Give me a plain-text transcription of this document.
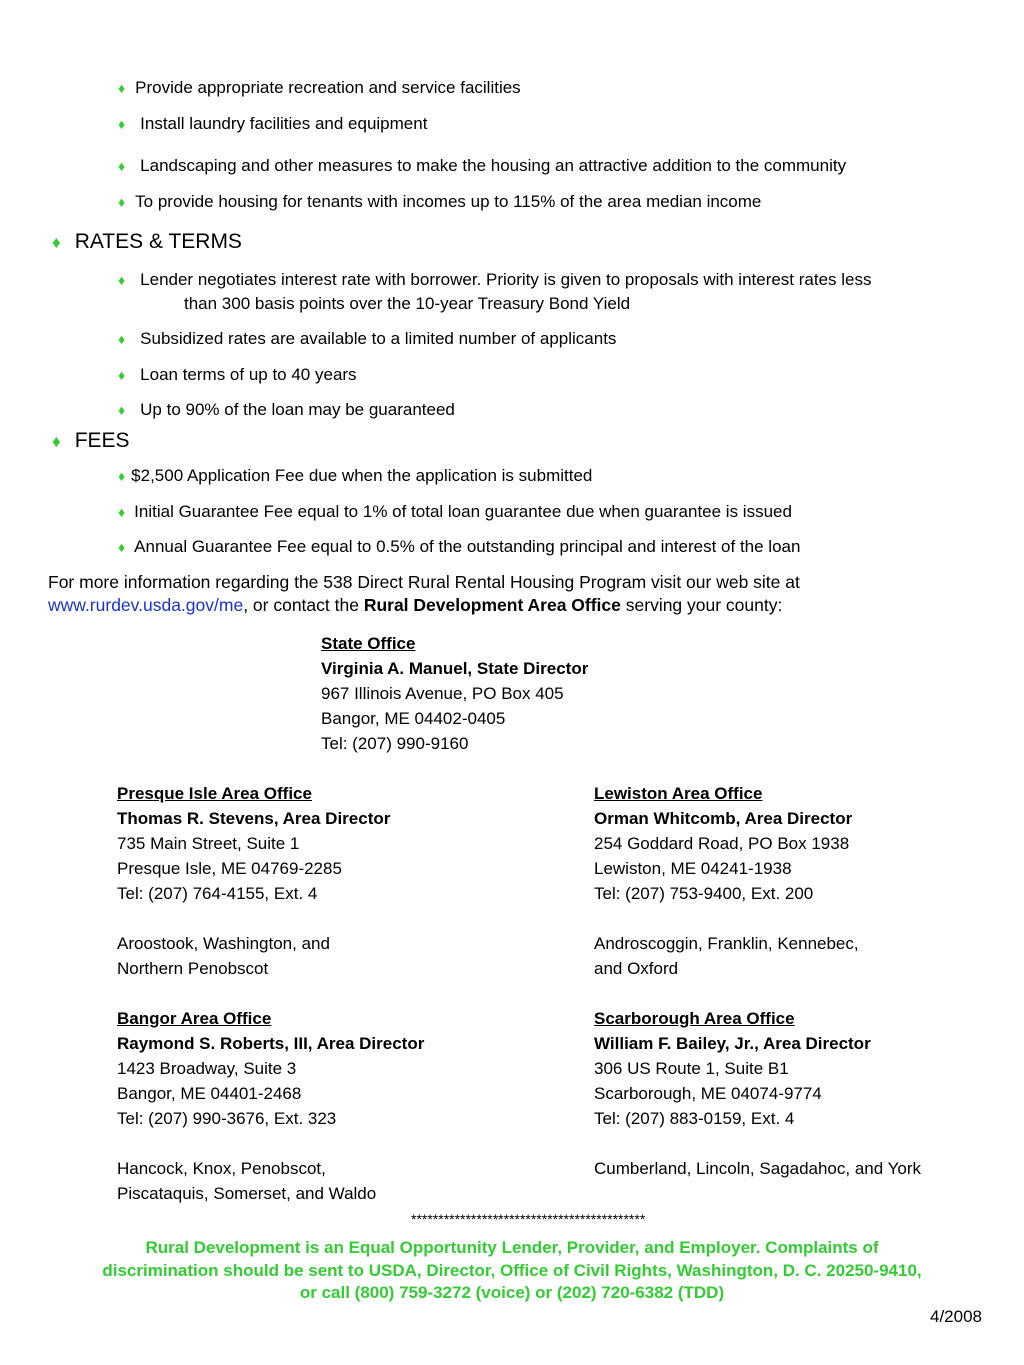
♦ Provide appropriate recreation and service facilities
♦ Install laundry facilities and equipment
♦ Landscaping and other measures to make the housing an attractive addition to the community
♦ To provide housing for tenants with incomes up to 115% of the area median income
♦ RATES & TERMS
♦ Lender negotiates interest rate with borrower. Priority is given to proposals with interest rates less
than 300 basis points over the 10-year Treasury Bond Yield
♦ Subsidized rates are available to a limited number of applicants
♦ Loan terms of up to 40 years
♦ Up to 90% of the loan may be guaranteed
♦ FEES
♦ $2,500 Application Fee due when the application is submitted
♦ Initial Guarantee Fee equal to 1% of total loan guarantee due when guarantee is issued
♦ Annual Guarantee Fee equal to 0.5% of the outstanding principal and interest of the loan
For more information regarding the 538 Direct Rural Rental Housing Program visit our web site at
www.rurdev.usda.gov/me, or contact the Rural Development Area Office serving your county:
State Office
Virginia A. Manuel, State Director
967 Illinois Avenue, PO Box 405
Bangor, ME 04402-0405
Tel: (207) 990-9160
Presque Isle Area Office
Thomas R. Stevens, Area Director
735 Main Street, Suite 1
Presque Isle, ME 04769-2285
Tel: (207) 764-4155, Ext. 4
Aroostook, Washington, and
Northern Penobscot
Lewiston Area Office
Orman Whitcomb, Area Director
254 Goddard Road, PO Box 1938
Lewiston, ME 04241-1938
Tel: (207) 753-9400, Ext. 200
Androscoggin, Franklin, Kennebec,
and Oxford
Bangor Area Office
Raymond S. Roberts, III, Area Director
1423 Broadway, Suite 3
Bangor, ME 04401-2468
Tel: (207) 990-3676, Ext. 323
Hancock, Knox, Penobscot,
Piscataquis, Somerset, and Waldo
Scarborough Area Office
William F. Bailey, Jr., Area Director
306 US Route 1, Suite B1
Scarborough, ME 04074-9774
Tel: (207) 883-0159, Ext. 4
Cumberland, Lincoln, Sagadahoc, and York
*******************************************
Rural Development is an Equal Opportunity Lender, Provider, and Employer. Complaints of
discrimination should be sent to USDA, Director, Office of Civil Rights, Washington, D. C. 20250-9410,
or call (800) 759-3272 (voice) or (202) 720-6382 (TDD)
4/2008
